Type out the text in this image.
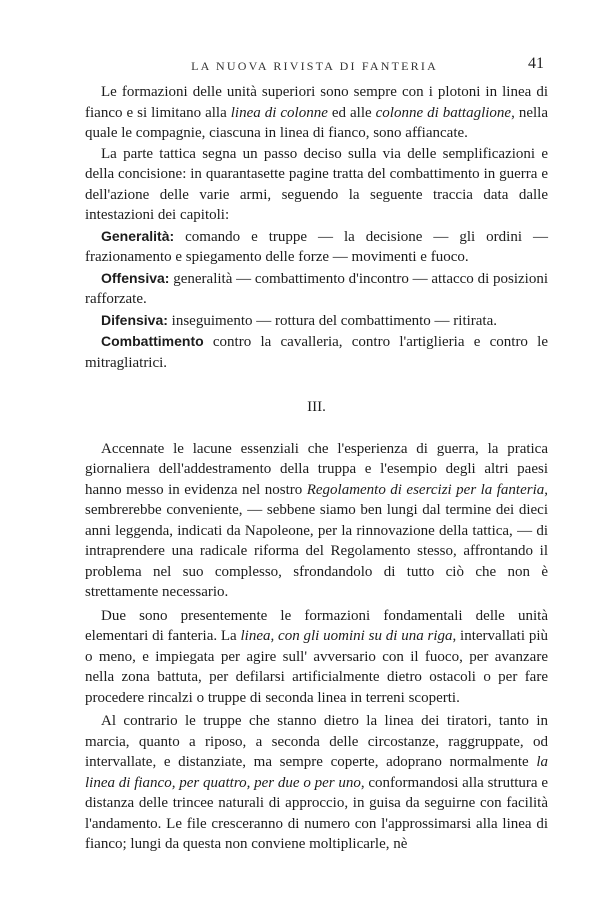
LA NUOVA RIVISTA DI FANTERIA	41

Le formazioni delle unità superiori sono sempre con i plotoni in linea di fianco e si limitano alla linea di colonne ed alle colonne di battaglione, nella quale le compagnie, ciascuna in linea di fianco, sono affiancate.

La parte tattica segna un passo deciso sulla via delle semplificazioni e della concisione: in quarantasette pagine tratta del combattimento in guerra e dell'azione delle varie armi, seguendo la seguente traccia data dalle intestazioni dei capitoli:

Generalità: comando e truppe — la decisione — gli ordini — frazionamento e spiegamento delle forze — movimenti e fuoco.

Offensiva: generalità — combattimento d'incontro — attacco di posizioni rafforzate.

Difensiva: inseguimento — rottura del combattimento — ritirata.

Combattimento contro la cavalleria, contro l'artiglieria e contro le mitragliatrici.

III.

Accennate le lacune essenziali che l'esperienza di guerra, la pratica giornaliera dell'addestramento della truppa e l'esempio degli altri paesi hanno messo in evidenza nel nostro Regolamento di esercizi per la fanteria, sembrerebbe conveniente, — sebbene siamo ben lungi dal termine dei dieci anni leggenda, indicati da Napoleone, per la rinnovazione della tattica, — di intraprendere una radicale riforma del Regolamento stesso, affrontando il problema nel suo complesso, sfrondandolo di tutto ciò che non è strettamente necessario.

Due sono presentemente le formazioni fondamentali delle unità elementari di fanteria. La linea, con gli uomini su di una riga, intervallati più o meno, e impiegata per agire sull' avversario con il fuoco, per avanzare nella zona battuta, per defilarsi artificialmente dietro ostacoli o per fare procedere rincalzi o truppe di seconda linea in terreni scoperti.

Al contrario le truppe che stanno dietro la linea dei tiratori, tanto in marcia, quanto a riposo, a seconda delle circostanze, raggruppate, od intervallate, e distanziate, ma sempre coperte, adoprano normalmente la linea di fianco, per quattro, per due o per uno, conformandosi alla struttura e distanza delle trincee naturali di approccio, in guisa da seguirne con facilità l'andamento. Le file cresceranno di numero con l'approssimarsi alla linea di fianco; lungi da questa non conviene moltiplicarle, nè
